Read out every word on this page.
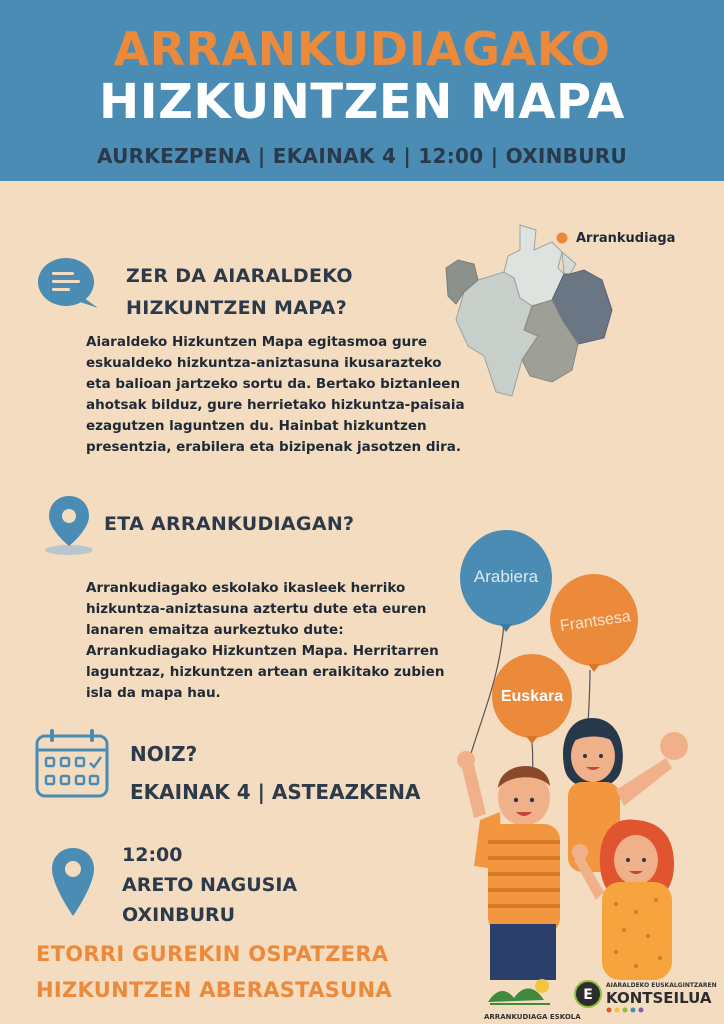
ARRANKUDIAGAKO
HIZKUNTZEN MAPA
AURKEZPENA | EKAINAK 4 | 12:00 | OXINBURU
ZER DA AIARALDEKO
HIZKUNTZEN MAPA?
Aiaraldeko Hizkuntzen Mapa egitasmoa gure
eskualdeko hizkuntza-aniztasuna ikusarazteko
eta balioan jartzeko sortu da. Bertako biztanleen
ahotsak bilduz, gure herrietako hizkuntza-paisaia
ezagutzen laguntzen du. Hainbat hizkuntzen
presentzia, erabilera eta bizipenak jasotzen dira.
Arrankudiaga
ETA ARRANKUDIAGAN?
Arrankudiagako eskolako ikasleek herriko
hizkuntza-aniztasuna aztertu dute eta euren
lanaren emaitza aurkeztuko dute:
Arrankudiagako Hizkuntzen Mapa. Herritarren
laguntzaz, hizkuntzen artean eraikitako zubien
isla da mapa hau.
NOIZ?
EKAINAK 4 | ASTEAZKENA
12:00
ARETO NAGUSIA
OXINBURU
ETORRI GUREKIN OSPATZERA
HIZKUNTZEN ABERASTASUNA
Arabiera
Frantsesa
Euskara
ARRANKUDIAGA ESKOLA
E
AIARALDEKO EUSKALGINTZAREN
KONTSEILUA
